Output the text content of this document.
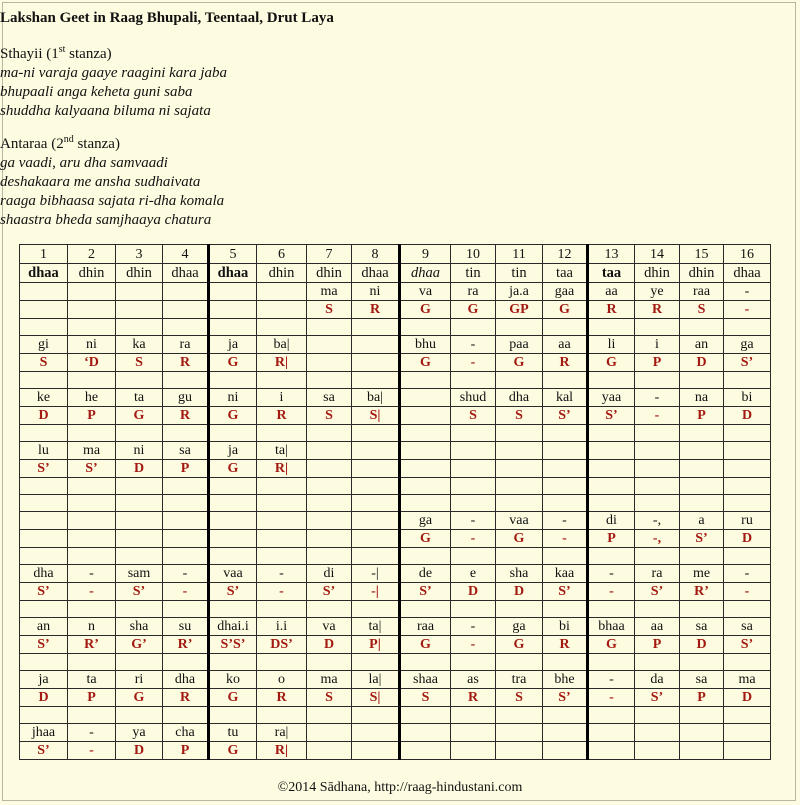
Lakshan Geet in Raag Bhupali, Teentaal, Drut Laya
Sthayii (1st stanza)
ma-ni varaja gaaye raagini kara jaba
bhupaali anga keheta guni saba
shuddha kalyaana biluma ni sajata
Antaraa (2nd stanza)
ga vaadi, aru dha samvaadi
deshakaara me ansha sudhaivata
raaga bibhaasa sajata ri-dha komala
shaastra bheda samjhaaya chatura
1	2	3	4	5	6	7	8	9	10	11	12	13	14	15	16
dhaa	dhin	dhin	dhaa	dhaa	dhin	dhin	dhaa	dhaa	tin	tin	taa	taa	dhin	dhin	dhaa
						ma	ni	va	ra	ja.a	gaa	aa	ye	raa	-
						S	R	G	G	GP	G	R	R	S	-

gi	ni	ka	ra	ja	ba|			bhu	-	paa	aa	li	i	an	ga
S	‘D	S	R	G	R|			G	-	G	R	G	P	D	S’

ke	he	ta	gu	ni	i	sa	ba|		shud	dha	kal	yaa	-	na	bi
D	P	G	R	G	R	S	S|		S	S	S’	S’	-	P	D

lu	ma	ni	sa	ja	ta|										
S’	S’	D	P	G	R|										

								ga	-	vaa	-	di	-,	a	ru
								G	-	G	-	P	-,	S’	D

dha	-	sam	-	vaa	-	di	-|	de	e	sha	kaa	-	ra	me	-
S’	-	S’	-	S’	-	S’	-|	S’	D	D	S’	-	S’	R’	-

an	n	sha	su	dhai.i	i.i	va	ta|	raa	-	ga	bi	bhaa	aa	sa	sa
S’	R’	G’	R’	S’S’	DS’	D	P|	G	-	G	R	G	P	D	S’

ja	ta	ri	dha	ko	o	ma	la|	shaa	as	tra	bhe	-	da	sa	ma
D	P	G	R	G	R	S	S|	S	R	S	S’	-	S’	P	D

jhaa	-	ya	cha	tu	ra|										
S’	-	D	P	G	R|										
©2014 Sādhana, http://raag-hindustani.com
